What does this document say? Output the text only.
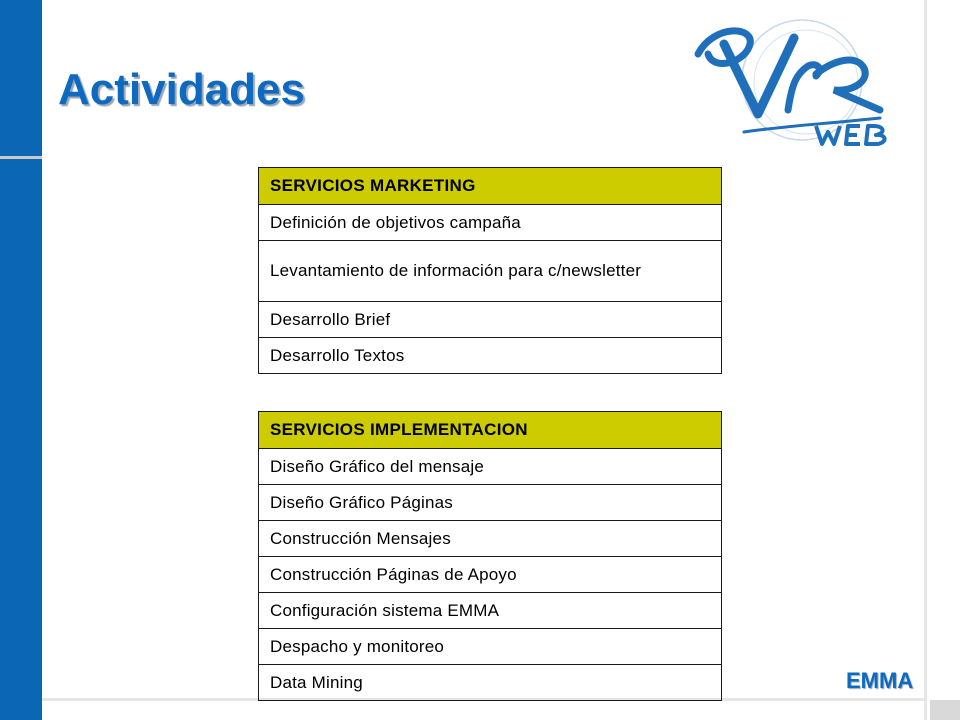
Actividades
SERVICIOS MARKETING
Definición de objetivos campaña

Levantamiento de información para c/newsletter

Desarrollo Brief
Desarrollo Textos
SERVICIOS IMPLEMENTACION
Diseño Gráfico del mensaje
Diseño Gráfico Páginas
Construcción Mensajes
Construcción Páginas de Apoyo
Configuración sistema EMMA
Despacho y monitoreo
Data Mining	EMMA
